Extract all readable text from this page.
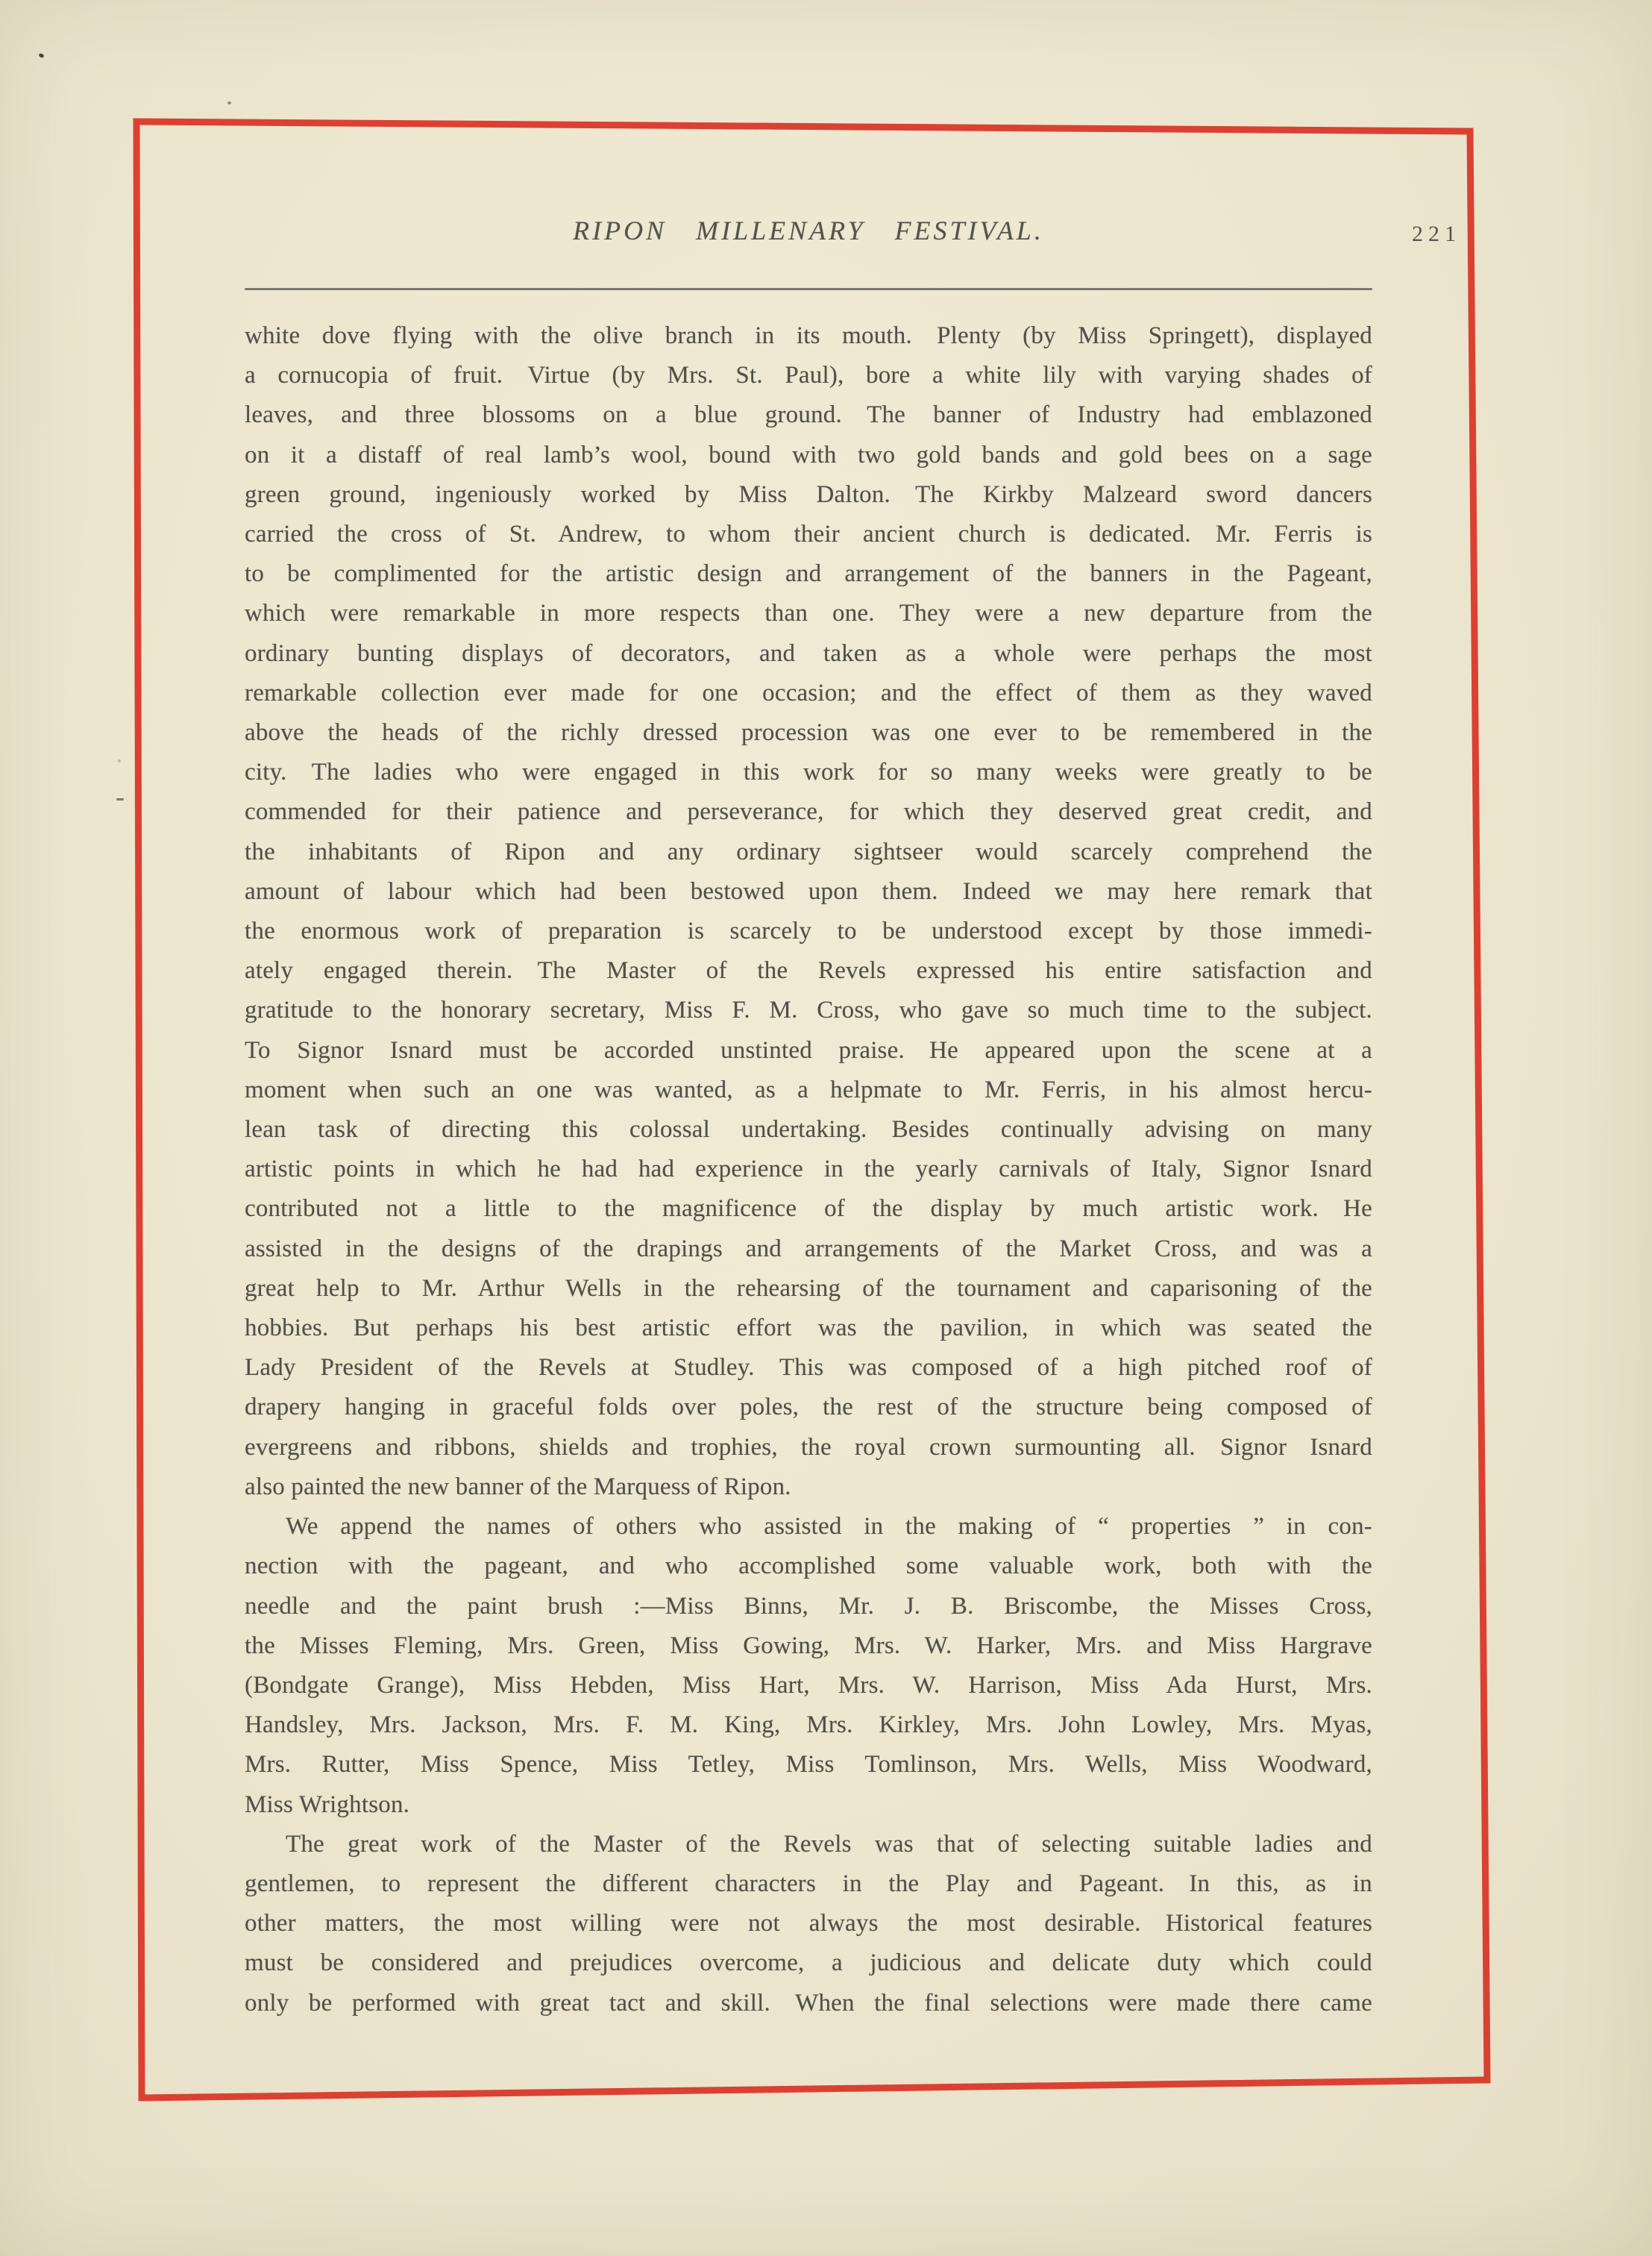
RIPON MILLENARY FESTIVAL.	221
white dove flying with the olive branch in its mouth. Plenty (by Miss Springett), displayed
a cornucopia of fruit. Virtue (by Mrs. St. Paul), bore a white lily with varying shades of
leaves, and three blossoms on a blue ground. The banner of Industry had emblazoned
on it a distaff of real lamb’s wool, bound with two gold bands and gold bees on a sage
green ground, ingeniously worked by Miss Dalton. The Kirkby Malzeard sword dancers
carried the cross of St. Andrew, to whom their ancient church is dedicated. Mr. Ferris is
to be complimented for the artistic design and arrangement of the banners in the Pageant,
which were remarkable in more respects than one. They were a new departure from the
ordinary bunting displays of decorators, and taken as a whole were perhaps the most
remarkable collection ever made for one occasion; and the effect of them as they waved
above the heads of the richly dressed procession was one ever to be remembered in the
city. The ladies who were engaged in this work for so many weeks were greatly to be
commended for their patience and perseverance, for which they deserved great credit, and
the inhabitants of Ripon and any ordinary sightseer would scarcely comprehend the
amount of labour which had been bestowed upon them. Indeed we may here remark that
the enormous work of preparation is scarcely to be understood except by those immedi-
ately engaged therein. The Master of the Revels expressed his entire satisfaction and
gratitude to the honorary secretary, Miss F. M. Cross, who gave so much time to the subject.
To Signor Isnard must be accorded unstinted praise. He appeared upon the scene at a
moment when such an one was wanted, as a helpmate to Mr. Ferris, in his almost hercu-
lean task of directing this colossal undertaking. Besides continually advising on many
artistic points in which he had had experience in the yearly carnivals of Italy, Signor Isnard
contributed not a little to the magnificence of the display by much artistic work. He
assisted in the designs of the drapings and arrangements of the Market Cross, and was a
great help to Mr. Arthur Wells in the rehearsing of the tournament and caparisoning of the
hobbies. But perhaps his best artistic effort was the pavilion, in which was seated the
Lady President of the Revels at Studley. This was composed of a high pitched roof of
drapery hanging in graceful folds over poles, the rest of the structure being composed of
evergreens and ribbons, shields and trophies, the royal crown surmounting all. Signor Isnard
also painted the new banner of the Marquess of Ripon.
We append the names of others who assisted in the making of “ properties ” in con-
nection with the pageant, and who accomplished some valuable work, both with the
needle and the paint brush :—Miss Binns, Mr. J. B. Briscombe, the Misses Cross,
the Misses Fleming, Mrs. Green, Miss Gowing, Mrs. W. Harker, Mrs. and Miss Hargrave
(Bondgate Grange), Miss Hebden, Miss Hart, Mrs. W. Harrison, Miss Ada Hurst, Mrs.
Handsley, Mrs. Jackson, Mrs. F. M. King, Mrs. Kirkley, Mrs. John Lowley, Mrs. Myas,
Mrs. Rutter, Miss Spence, Miss Tetley, Miss Tomlinson, Mrs. Wells, Miss Woodward,
Miss Wrightson.
The great work of the Master of the Revels was that of selecting suitable ladies and
gentlemen, to represent the different characters in the Play and Pageant. In this, as in
other matters, the most willing were not always the most desirable. Historical features
must be considered and prejudices overcome, a judicious and delicate duty which could
only be performed with great tact and skill. When the final selections were made there came
